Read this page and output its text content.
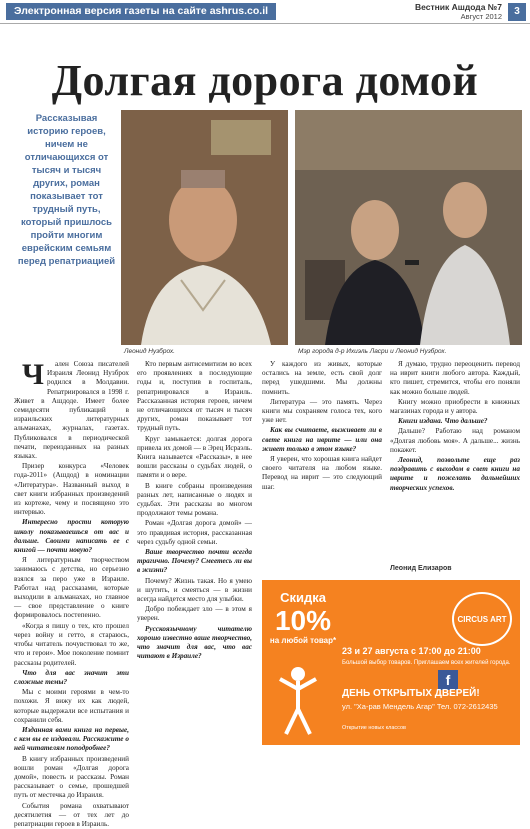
Электронная версия газеты на сайте ashrus.co.il	Вестник Ашдода №7
Август 2012	3
Долгая дорога домой
Рассказывая историю героев, ничем не отличающихся от тысяч и тысяч других, роман показывает тот трудный путь, который пришлось пройти многим еврейским семьям перед репатриацией
Леонид Нузброх.	Мэр города д-р Ихиэль Ласри и Леонид Нузброх.

Ч ален Союза писателей Израиля Леонид Нузброх родился в Молдавии. Репатриировался в 1998 г. Живет в Ашдоде. Имеет более семидесяти публикаций в израильских литературных альманахах, журналах, газетах. Публиковался в периодической печати, переизданных на разных языках.

Призер конкурса «Человек года-2011» (Ашдод) в номинации «Литература». Названный выход в свет книги избранных произведений из кортеже, чему и посвящено это интервью.

Интересно прости которую школу показываешься от вас и дальше. Своими написать ее с книгой — почти новую?

Я литературным творчеством занимаюсь с детства, но серьезно взялся за перо уже в Израиле. Работал над рассказами, которые выходили в альманахах, но главное — свое представление о книге формировалось постепенно.

«Когда я пишу о тех, кто прошел через войну и гетто, я стараюсь, чтобы читатель почувствовал то же, что и герои». Мое поколение помнит рассказы родителей.

Что для вас значит эти сложные темы?

Мы с моими героями в чем-то похожи. Я вижу их как людей, которые выдержали все испытания и сохранили себя.

Изданная вами книга на первые, с кем вы ее издавали. Расскажите о ней читателям поподробнее?

В книгу избранных произведений вошли роман «Долгая дорога домой», повесть и рассказы. Роман рассказывает о семье, прошедшей путь от местечка до Израиля.

События романа охватывают десятилетия — от тех лет до репатриации героев в Израиль.

Кто первым антисемитизм во всех его проявлениях в последующие годы и, поступив в госпиталь, репатриировался в Израиль. Рассказанная история героев, ничем не отличающихся от тысяч и тысяч других, роман показывает тот трудный путь.

Круг замыкается: долгая дорога привела их домой — в Эрец Исраэль. Книга называется «Рассказы», в нее вошли рассказы о судьбах людей, о памяти и о вере.

В книге собраны произведения разных лет, написанные о людях и судьбах. Эти рассказы во многом продолжают темы романа.

Роман «Долгая дорога домой» — это правдивая история, рассказанная через судьбу одной семьи.

Ваше творчество почти всегда трагично. Почему? Смеетесь ли вы в жизни?

Почему? Жизнь такая. Но я умею и шутить, и смеяться — в жизни всегда найдется место для улыбки.

Добро побеждает зло — в этом я уверен.

Русскоязычному читателю хорошо известно ваше творчество, что значит для вас, что вас читают в Израиле?

У каждого из живых, которые остались на земле, есть свой долг перед ушедшими. Мы должны помнить.

Литература — это память. Через книги мы сохраняем голоса тех, кого уже нет.

Как вы считаете, выживает ли в свете книга на иврите — или она живет только в этом языке?

Я уверен, что хорошая книга найдет своего читателя на любом языке. Перевод на иврит — это следующий шаг.

Я думаю, трудно переоценить перевод на иврит книги любого автора. Каждый, кто пишет, стремится, чтобы его поняли как можно больше людей.

Книгу можно приобрести в книжных магазинах города и у автора.

Книги издана. Что дальше?

Дальше? Работаю над романом «Долгая любовь моя». А дальше... жизнь покажет.

Леонид, позвольте еще раз поздравить с выходом в свет книги на иврите и пожелать дальнейших творческих успехов.

Леонид Елизаров
Скидка
10%
на любой товар*
CIRCUS ART
23 и 27 августа с 17:00 до 21:00
Большой выбор товаров. Приглашаем всех жителей города.
f
ДЕНЬ ОТКРЫТЫХ ДВЕРЕЙ!
ул. "Ха-рав Мендель Агар" Тел. 072-2612435
Открытие новых классов
